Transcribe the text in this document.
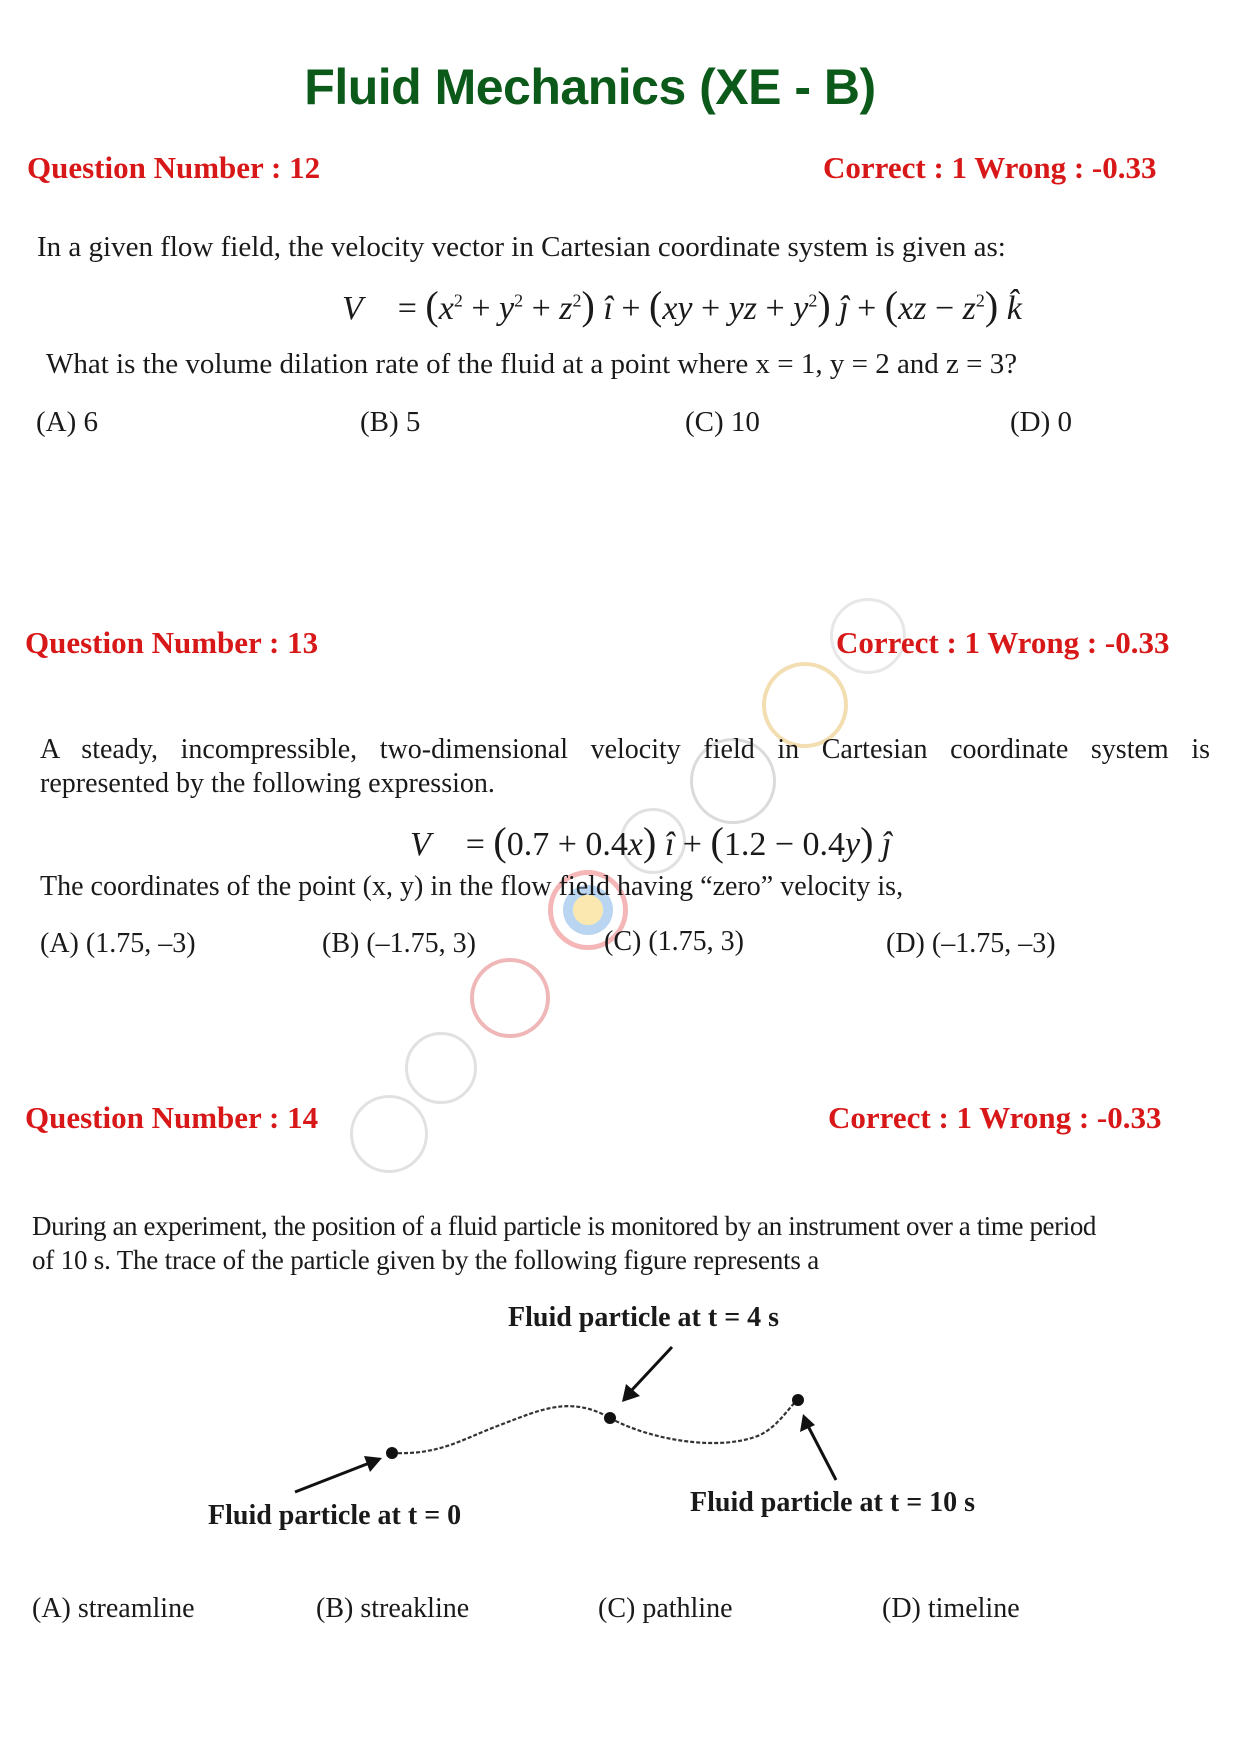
Fluid Mechanics (XE - B)
Question Number : 12	Correct : 1 Wrong : -0.33
In a given flow field, the velocity vector in Cartesian coordinate system is given as:
V⃗ = $(x^2 + y^2 + z^2)$ î + (xy + yz + $y^2$) ĵ + $(xz - z^2)$ k̂
What is the volume dilation rate of the fluid at a point where x = 1, y = 2 and z = 3?
(A) 6	(B) 5	(C) 10	(D) 0
Question Number : 13	Correct : 1 Wrong : -0.33
A steady, incompressible, two-dimensional velocity field in Cartesian coordinate system is
represented by the following expression.
V⃗ = (0.7 + 0.4x) î + (1.2 − 0.4y) ĵ
The coordinates of the point (x, y) in the flow field having “zero” velocity is,
(A) (1.75, –3)	(B) (–1.75, 3)	(C) (1.75, 3)	(D) (–1.75, –3)
Question Number : 14	Correct : 1 Wrong : -0.33
During an experiment, the position of a fluid particle is monitored by an instrument over a time period
of 10 s. The trace of the particle given by the following figure represents a
Fluid particle at t = 4 s
Fluid particle at t = 0	Fluid particle at t = 10 s
(A) streamline	(B) streakline	(C) pathline	(D) timeline
